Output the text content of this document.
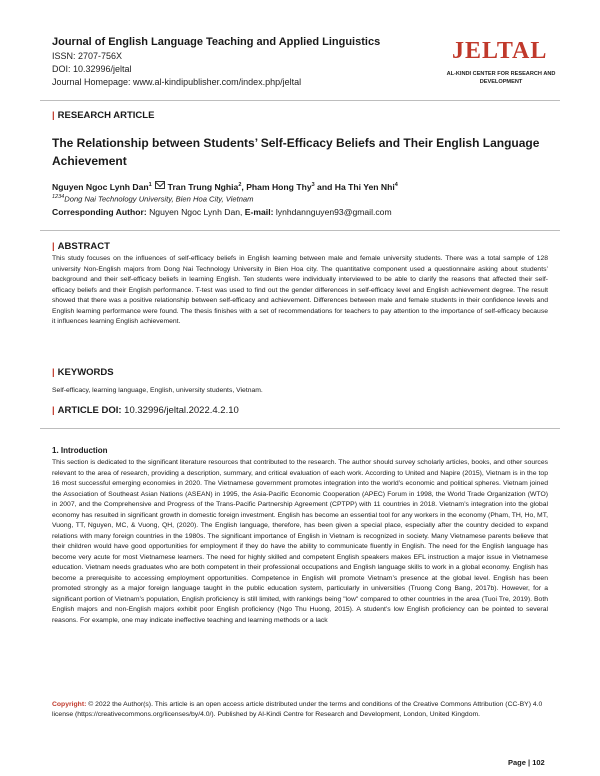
Journal of English Language Teaching and Applied Linguistics
ISSN: 2707-756X
DOI: 10.32996/jeltal
Journal Homepage: www.al-kindipublisher.com/index.php/jeltal
JELTAL
AL-KINDI CENTER FOR RESEARCH AND DEVELOPMENT
| RESEARCH ARTICLE
The Relationship between Students’ Self-Efficacy Beliefs and Their English Language Achievement
Nguyen Ngoc Lynh Dan$^1$ Tran Trung Nghia$^2$, Pham Hong Thy$^3$ and Ha Thi Yen Nhi$^4$
$^{1234}$Dong Nai Technology University, Bien Hoa City, Vietnam
Corresponding Author: Nguyen Ngoc Lynh Dan, E-mail: lynhdannguyen93@gmail.com
| ABSTRACT
This study focuses on the influences of self-efficacy beliefs in English learning between male and female university students. There was a total sample of 128 university Non-English majors from Dong Nai Technology University in Bien Hoa city. The quantitative component used a questionnaire asking about students’ background and their self-efficacy beliefs in learning English. Ten students were individually interviewed to be able to clarify the reasons that affected their self-efficacy beliefs and their English performance. T-test was used to find out the gender differences in self-efficacy level and English achievement degree. The result showed that there was a positive relationship between self-efficacy and achievement. Differences between male and female students in their confidence levels and English learning performance were found. The thesis finishes with a set of recommendations for teachers to pay attention to the importance of self-efficacy because it influences learning English achievement.
| KEYWORDS
Self-efficacy, learning language, English, university students, Vietnam.
| ARTICLE DOI: 10.32996/jeltal.2022.4.2.10
1. Introduction
This section is dedicated to the significant literature resources that contributed to the research. The author should survey scholarly articles, books, and other sources relevant to the area of research, providing a description, summary, and critical evaluation of each work. According to United and Napire (2015), Vietnam is in the top 16 most successful emerging economies in 2020. The Vietnamese government promotes integration into the world’s economic and political spheres. Vietnam joined the Association of Southeast Asian Nations (ASEAN) in 1995, the Asia-Pacific Economic Cooperation (APEC) Forum in 1998, the World Trade Organization (WTO) in 2007, and the Comprehensive and Progress of the Trans-Pacific Partnership Agreement (CPTPP) with 11 countries in 2018. Vietnam’s integration into the global economy has resulted in significant growth in domestic foreign investment. English has become an essential tool for any workers in the economy (Pham, TH, Ho, MT, Vuong, TT, Nguyen, MC, & Vuong, QH, (2020). The English language, therefore, has been given a special place, especially after the country decided to expand relations with many foreign countries in the 1980s. The significant importance of English in Vietnam is recognized in society. Many Vietnamese parents believe that their children would have good opportunities for employment if they do have the ability to communicate fluently in English. The need for the English language has become very acute for most Vietnamese learners. The need for highly skilled and competent English speakers makes EFL instruction a major issue in Vietnamese education. Vietnam needs graduates who are both competent in their professional occupations and English language skills to work in a global economy. English has become a prerequisite to accessing employment opportunities. Competence in English will promote Vietnam’s presence at the global level. English has been promoted strongly as a major foreign language taught in the public education system, particularly in universities (Truong Cong Bang, 2017b). However, for a significant portion of Vietnam’s population, English proficiency is still limited, with rankings being "low" compared to other countries in the area (Tuoi Tre, 2019). Both English majors and non-English majors exhibit poor English proficiency (Ngo Thu Huong, 2015). A student’s low English proficiency can be pointed to several reasons. For example, one may indicate ineffective teaching and learning methods or a lack
Copyright: © 2022 the Author(s). This article is an open access article distributed under the terms and conditions of the Creative Commons Attribution (CC-BY) 4.0 license (https://creativecommons.org/licenses/by/4.0/). Published by Al-Kindi Centre for Research and Development, London, United Kingdom.
Page | 102
